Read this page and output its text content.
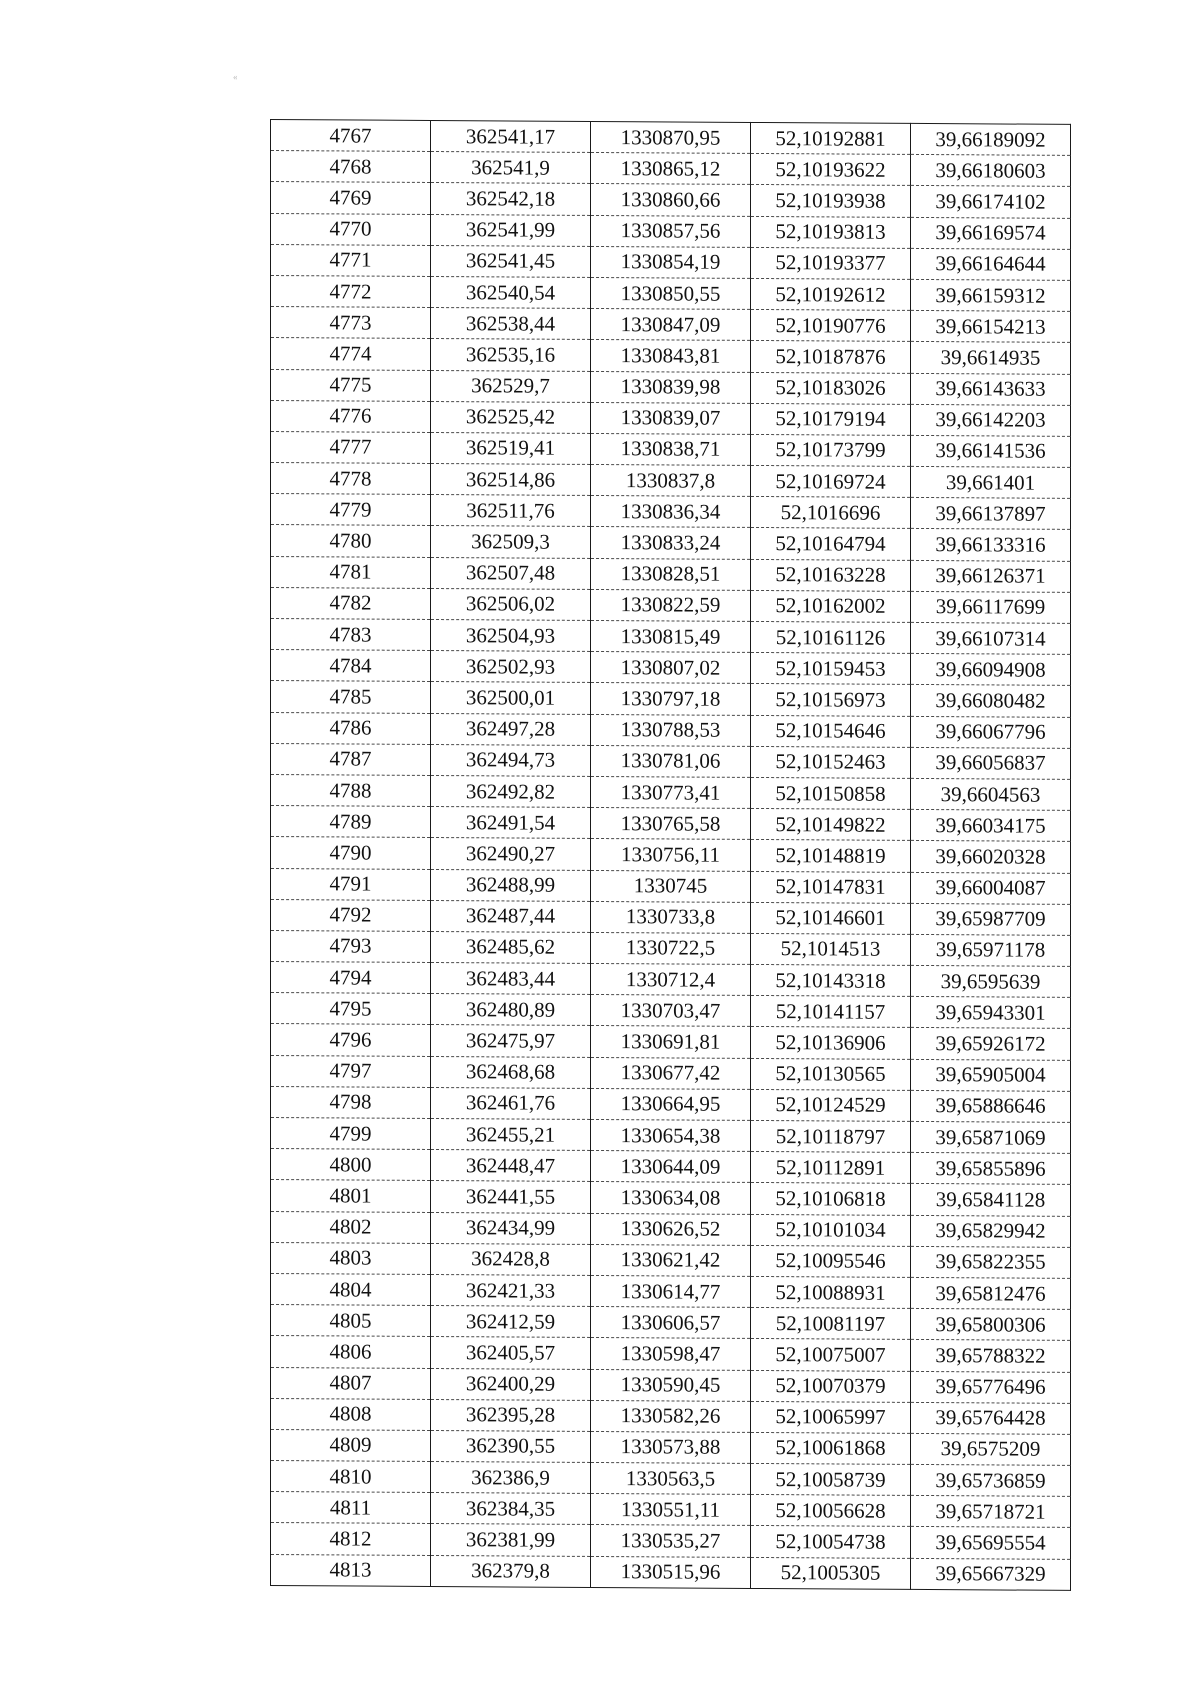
«
4767	362541,17	1330870,95	52,10192881	39,66189092
4768	362541,9	1330865,12	52,10193622	39,66180603
4769	362542,18	1330860,66	52,10193938	39,66174102
4770	362541,99	1330857,56	52,10193813	39,66169574
4771	362541,45	1330854,19	52,10193377	39,66164644
4772	362540,54	1330850,55	52,10192612	39,66159312
4773	362538,44	1330847,09	52,10190776	39,66154213
4774	362535,16	1330843,81	52,10187876	39,6614935
4775	362529,7	1330839,98	52,10183026	39,66143633
4776	362525,42	1330839,07	52,10179194	39,66142203
4777	362519,41	1330838,71	52,10173799	39,66141536
4778	362514,86	1330837,8	52,10169724	39,661401
4779	362511,76	1330836,34	52,1016696	39,66137897
4780	362509,3	1330833,24	52,10164794	39,66133316
4781	362507,48	1330828,51	52,10163228	39,66126371
4782	362506,02	1330822,59	52,10162002	39,66117699
4783	362504,93	1330815,49	52,10161126	39,66107314
4784	362502,93	1330807,02	52,10159453	39,66094908
4785	362500,01	1330797,18	52,10156973	39,66080482
4786	362497,28	1330788,53	52,10154646	39,66067796
4787	362494,73	1330781,06	52,10152463	39,66056837
4788	362492,82	1330773,41	52,10150858	39,6604563
4789	362491,54	1330765,58	52,10149822	39,66034175
4790	362490,27	1330756,11	52,10148819	39,66020328
4791	362488,99	1330745	52,10147831	39,66004087
4792	362487,44	1330733,8	52,10146601	39,65987709
4793	362485,62	1330722,5	52,1014513	39,65971178
4794	362483,44	1330712,4	52,10143318	39,6595639
4795	362480,89	1330703,47	52,10141157	39,65943301
4796	362475,97	1330691,81	52,10136906	39,65926172
4797	362468,68	1330677,42	52,10130565	39,65905004
4798	362461,76	1330664,95	52,10124529	39,65886646
4799	362455,21	1330654,38	52,10118797	39,65871069
4800	362448,47	1330644,09	52,10112891	39,65855896
4801	362441,55	1330634,08	52,10106818	39,65841128
4802	362434,99	1330626,52	52,10101034	39,65829942
4803	362428,8	1330621,42	52,10095546	39,65822355
4804	362421,33	1330614,77	52,10088931	39,65812476
4805	362412,59	1330606,57	52,10081197	39,65800306
4806	362405,57	1330598,47	52,10075007	39,65788322
4807	362400,29	1330590,45	52,10070379	39,65776496
4808	362395,28	1330582,26	52,10065997	39,65764428
4809	362390,55	1330573,88	52,10061868	39,6575209
4810	362386,9	1330563,5	52,10058739	39,65736859
4811	362384,35	1330551,11	52,10056628	39,65718721
4812	362381,99	1330535,27	52,10054738	39,65695554
4813	362379,8	1330515,96	52,1005305	39,65667329
